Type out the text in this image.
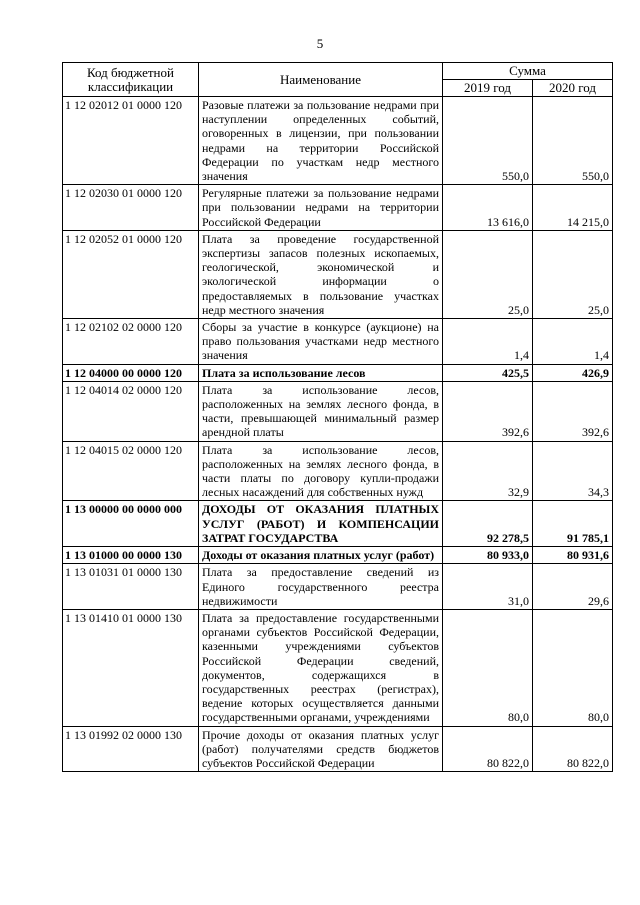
5
Код бюджетной классификации	Наименование	Сумма	
		2019 год	2020 год
1 12 02012 01 0000 120	Разовые платежи за пользование недрами при наступлении определенных событий, оговоренных в лицензии, при пользовании недрами на территории Российской Федерации по участкам недр местного значения	550,0	550,0
1 12 02030 01 0000 120	Регулярные платежи за пользование недрами при пользовании недрами на территории Российской Федерации	13 616,0	14 215,0
1 12 02052 01 0000 120	Плата за проведение государственной экспертизы запасов полезных ископаемых, геологической, экономической и экологической информации о предоставляемых в пользование участках недр местного значения	25,0	25,0
1 12 02102 02 0000 120	Сборы за участие в конкурсе (аукционе) на право пользования участками недр местного значения	1,4	1,4
1 12 04000 00 0000 120	Плата за использование лесов	425,5	426,9
1 12 04014 02 0000 120	Плата за использование лесов, расположенных на землях лесного фонда, в части, превышающей минимальный размер арендной платы	392,6	392,6
1 12 04015 02 0000 120	Плата за использование лесов, расположенных на землях лесного фонда, в части платы по договору купли-продажи лесных насаждений для собственных нужд	32,9	34,3
1 13 00000 00 0000 000	ДОХОДЫ ОТ ОКАЗАНИЯ ПЛАТНЫХ УСЛУГ (РАБОТ) И КОМПЕНСАЦИИ ЗАТРАТ ГОСУДАРСТВА	92 278,5	91 785,1
1 13 01000 00 0000 130	Доходы от оказания платных услуг (работ)	80 933,0	80 931,6
1 13 01031 01 0000 130	Плата за предоставление сведений из Единого государственного реестра недвижимости	31,0	29,6
1 13 01410 01 0000 130	Плата за предоставление государственными органами субъектов Российской Федерации, казенными учреждениями субъектов Российской Федерации сведений, документов, содержащихся в государственных реестрах (регистрах), ведение которых осуществляется данными государственными органами, учреждениями	80,0	80,0
1 13 01992 02 0000 130	Прочие доходы от оказания платных услуг (работ) получателями средств бюджетов субъектов Российской Федерации	80 822,0	80 822,0
